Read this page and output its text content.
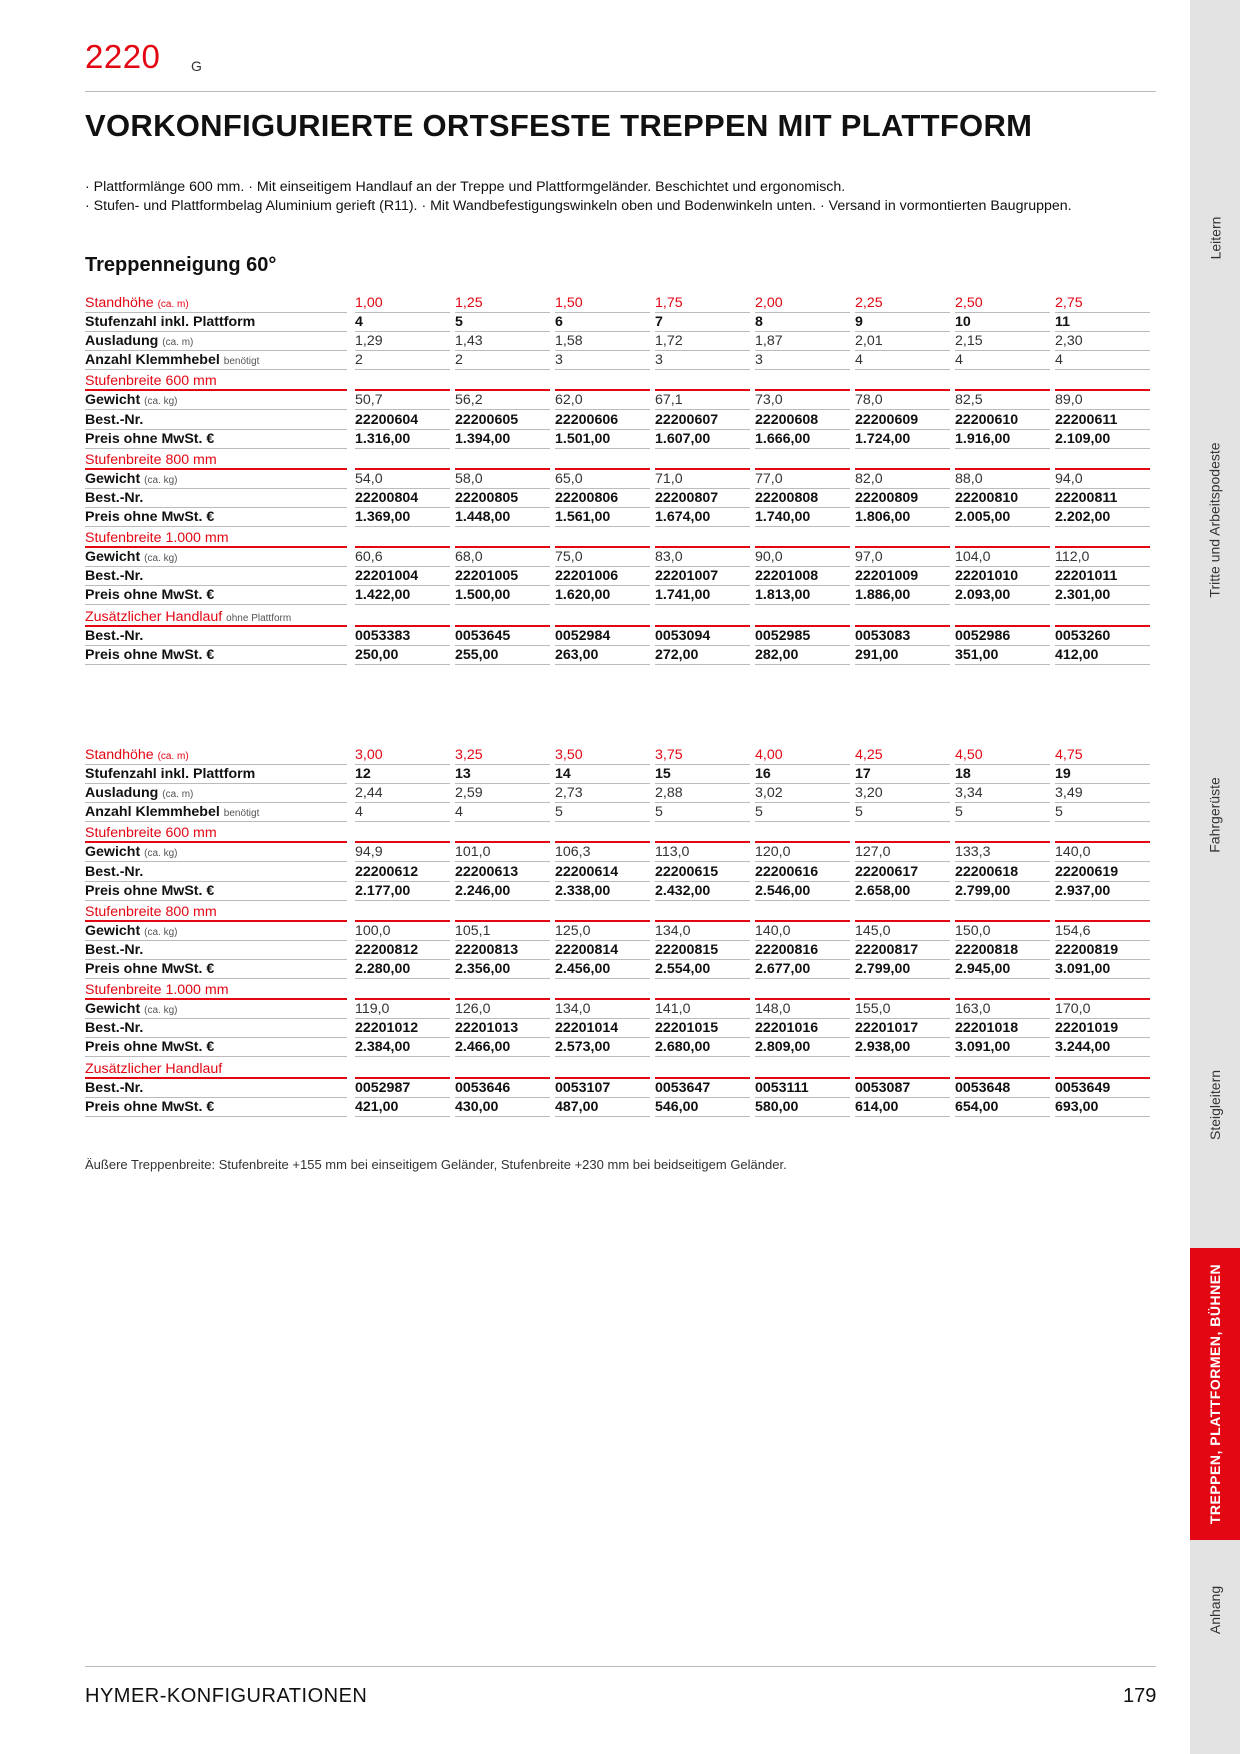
2220 G
VORKONFIGURIERTE ORTSFESTE TREPPEN MIT PLATTFORM
· Plattformlänge 600 mm. · Mit einseitigem Handlauf an der Treppe und Plattformgeländer. Beschichtet und ergonomisch.
· Stufen- und Plattformbelag Aluminium gerieft (R11). · Mit Wandbefestigungswinkeln oben und Bodenwinkeln unten. · Versand in vormontierten Baugruppen.
Treppenneigung 60°
Standhöhe (ca. m)	1,00	1,25	1,50	1,75	2,00	2,25	2,50	2,75
Stufenzahl inkl. Plattform	4	5	6	7	8	9	10	11
Ausladung (ca. m)	1,29	1,43	1,58	1,72	1,87	2,01	2,15	2,30
Anzahl Klemmhebel benötigt	2	2	3	3	3	4	4	4
Stufenbreite 600 mm
Gewicht (ca. kg)	50,7	56,2	62,0	67,1	73,0	78,0	82,5	89,0
Best.-Nr.	22200604	22200605	22200606	22200607	22200608	22200609	22200610	22200611
Preis ohne MwSt. €	1.316,00	1.394,00	1.501,00	1.607,00	1.666,00	1.724,00	1.916,00	2.109,00
Stufenbreite 800 mm
Gewicht (ca. kg)	54,0	58,0	65,0	71,0	77,0	82,0	88,0	94,0
Best.-Nr.	22200804	22200805	22200806	22200807	22200808	22200809	22200810	22200811
Preis ohne MwSt. €	1.369,00	1.448,00	1.561,00	1.674,00	1.740,00	1.806,00	2.005,00	2.202,00
Stufenbreite 1.000 mm
Gewicht (ca. kg)	60,6	68,0	75,0	83,0	90,0	97,0	104,0	112,0
Best.-Nr.	22201004	22201005	22201006	22201007	22201008	22201009	22201010	22201011
Preis ohne MwSt. €	1.422,00	1.500,00	1.620,00	1.741,00	1.813,00	1.886,00	2.093,00	2.301,00
Zusätzlicher Handlauf ohne Plattform
Best.-Nr.	0053383	0053645	0052984	0053094	0052985	0053083	0052986	0053260
Preis ohne MwSt. €	250,00	255,00	263,00	272,00	282,00	291,00	351,00	412,00
Standhöhe (ca. m)	3,00	3,25	3,50	3,75	4,00	4,25	4,50	4,75
Stufenzahl inkl. Plattform	12	13	14	15	16	17	18	19
Ausladung (ca. m)	2,44	2,59	2,73	2,88	3,02	3,20	3,34	3,49
Anzahl Klemmhebel benötigt	4	4	5	5	5	5	5	5
Stufenbreite 600 mm
Gewicht (ca. kg)	94,9	101,0	106,3	113,0	120,0	127,0	133,3	140,0
Best.-Nr.	22200612	22200613	22200614	22200615	22200616	22200617	22200618	22200619
Preis ohne MwSt. €	2.177,00	2.246,00	2.338,00	2.432,00	2.546,00	2.658,00	2.799,00	2.937,00
Stufenbreite 800 mm
Gewicht (ca. kg)	100,0	105,1	125,0	134,0	140,0	145,0	150,0	154,6
Best.-Nr.	22200812	22200813	22200814	22200815	22200816	22200817	22200818	22200819
Preis ohne MwSt. €	2.280,00	2.356,00	2.456,00	2.554,00	2.677,00	2.799,00	2.945,00	3.091,00
Stufenbreite 1.000 mm
Gewicht (ca. kg)	119,0	126,0	134,0	141,0	148,0	155,0	163,0	170,0
Best.-Nr.	22201012	22201013	22201014	22201015	22201016	22201017	22201018	22201019
Preis ohne MwSt. €	2.384,00	2.466,00	2.573,00	2.680,00	2.809,00	2.938,00	3.091,00	3.244,00
Zusätzlicher Handlauf
Best.-Nr.	0052987	0053646	0053107	0053647	0053111	0053087	0053648	0053649
Preis ohne MwSt. €	421,00	430,00	487,00	546,00	580,00	614,00	654,00	693,00
Äußere Treppenbreite: Stufenbreite +155 mm bei einseitigem Geländer, Stufenbreite +230 mm bei beidseitigem Geländer.
HYMER-KONFIGURATIONEN	179
Leitern
Tritte und Arbeitspodeste
Fahrgerüste
Steigleitern
TREPPEN, PLATTFORMEN, BÜHNEN
Anhang
